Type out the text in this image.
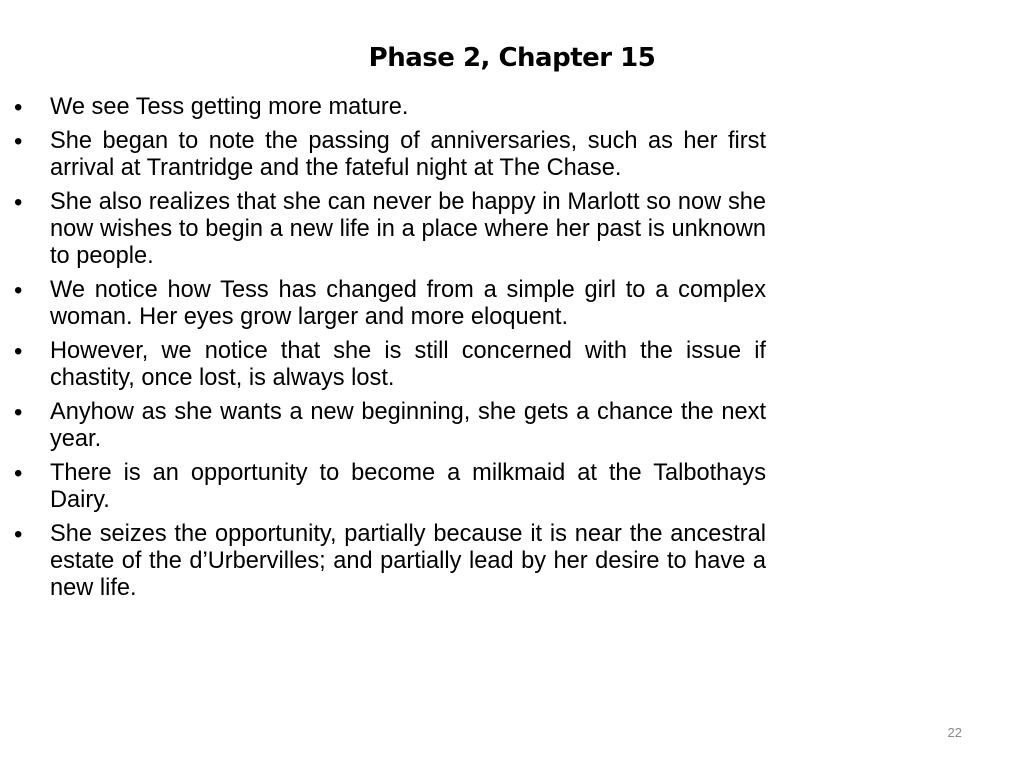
Phase 2, Chapter 15
•	We see Tess getting more mature.
•	She began to note the passing of anniversaries, such as her first arrival at Trantridge and the fateful night at The Chase.
•	She also realizes that she can never be happy in Marlott so now she now wishes to begin a new life in a place where her past is unknown to people.
•	We notice how Tess has changed from a simple girl to a complex woman. Her eyes grow larger and more eloquent.
•	However, we notice that she is still concerned with the issue if chastity, once lost, is always lost.
•	Anyhow as she wants a new beginning, she gets a chance the next year.
•	There is an opportunity to become a milkmaid at the Talbothays Dairy.
•	She seizes the opportunity, partially because it is near the ancestral estate of the d’Urbervilles; and partially lead by her desire to have a new life.
22
